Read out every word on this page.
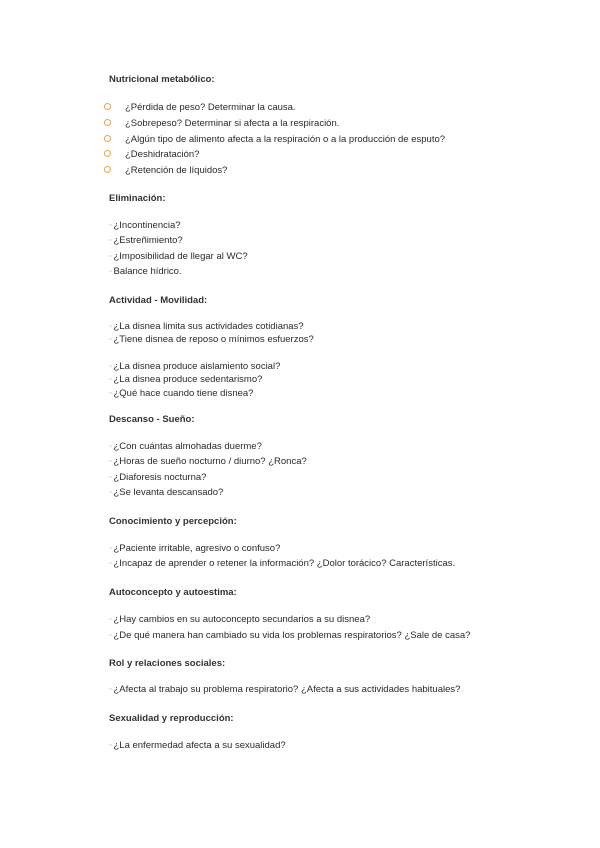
Nutricional metabólico:
¿Pérdida de peso? Determinar la causa.
¿Sobrepeso? Determinar si afecta a la respiración.
¿Algún tipo de alimento afecta a la respiración o a la producción de esputo?
¿Deshidratación?
¿Retención de líquidos?
Eliminación:
▫ ¿Incontinencia?
▫ ¿Estreñimiento?
▫ ¿Imposibilidad de llegar al WC?
▫ Balance hídrico.
Actividad - Movilidad:
▫ ¿La disnea limita sus actividades cotidianas?
▫ ¿Tiene disnea de reposo o mínimos esfuerzos?
▫ ¿La disnea produce aislamiento social?
▫ ¿La disnea produce sedentarismo?
▫ ¿Qué hace cuando tiene disnea?
Descanso - Sueño:
▫ ¿Con cuántas almohadas duerme?
▫ ¿Horas de sueño nocturno / diurno? ¿Ronca?
▫ ¿Diaforesis nocturna?
▫ ¿Se levanta descansado?
Conocimiento y percepción:
▫ ¿Paciente irritable, agresivo o confuso?
▫ ¿Incapaz de aprender o retener la información? ¿Dolor torácico? Características.
Autoconcepto y autoestima:
▫ ¿Hay cambios en su autoconcepto secundarios a su disnea?
▫ ¿De qué manera han cambiado su vida los problemas respiratorios? ¿Sale de casa?
Rol y relaciones sociales:
▫ ¿Afecta al trabajo su problema respiratorio? ¿Afecta a sus actividades habituales?
Sexualidad y reproducción:
▫ ¿La enfermedad afecta a su sexualidad?
